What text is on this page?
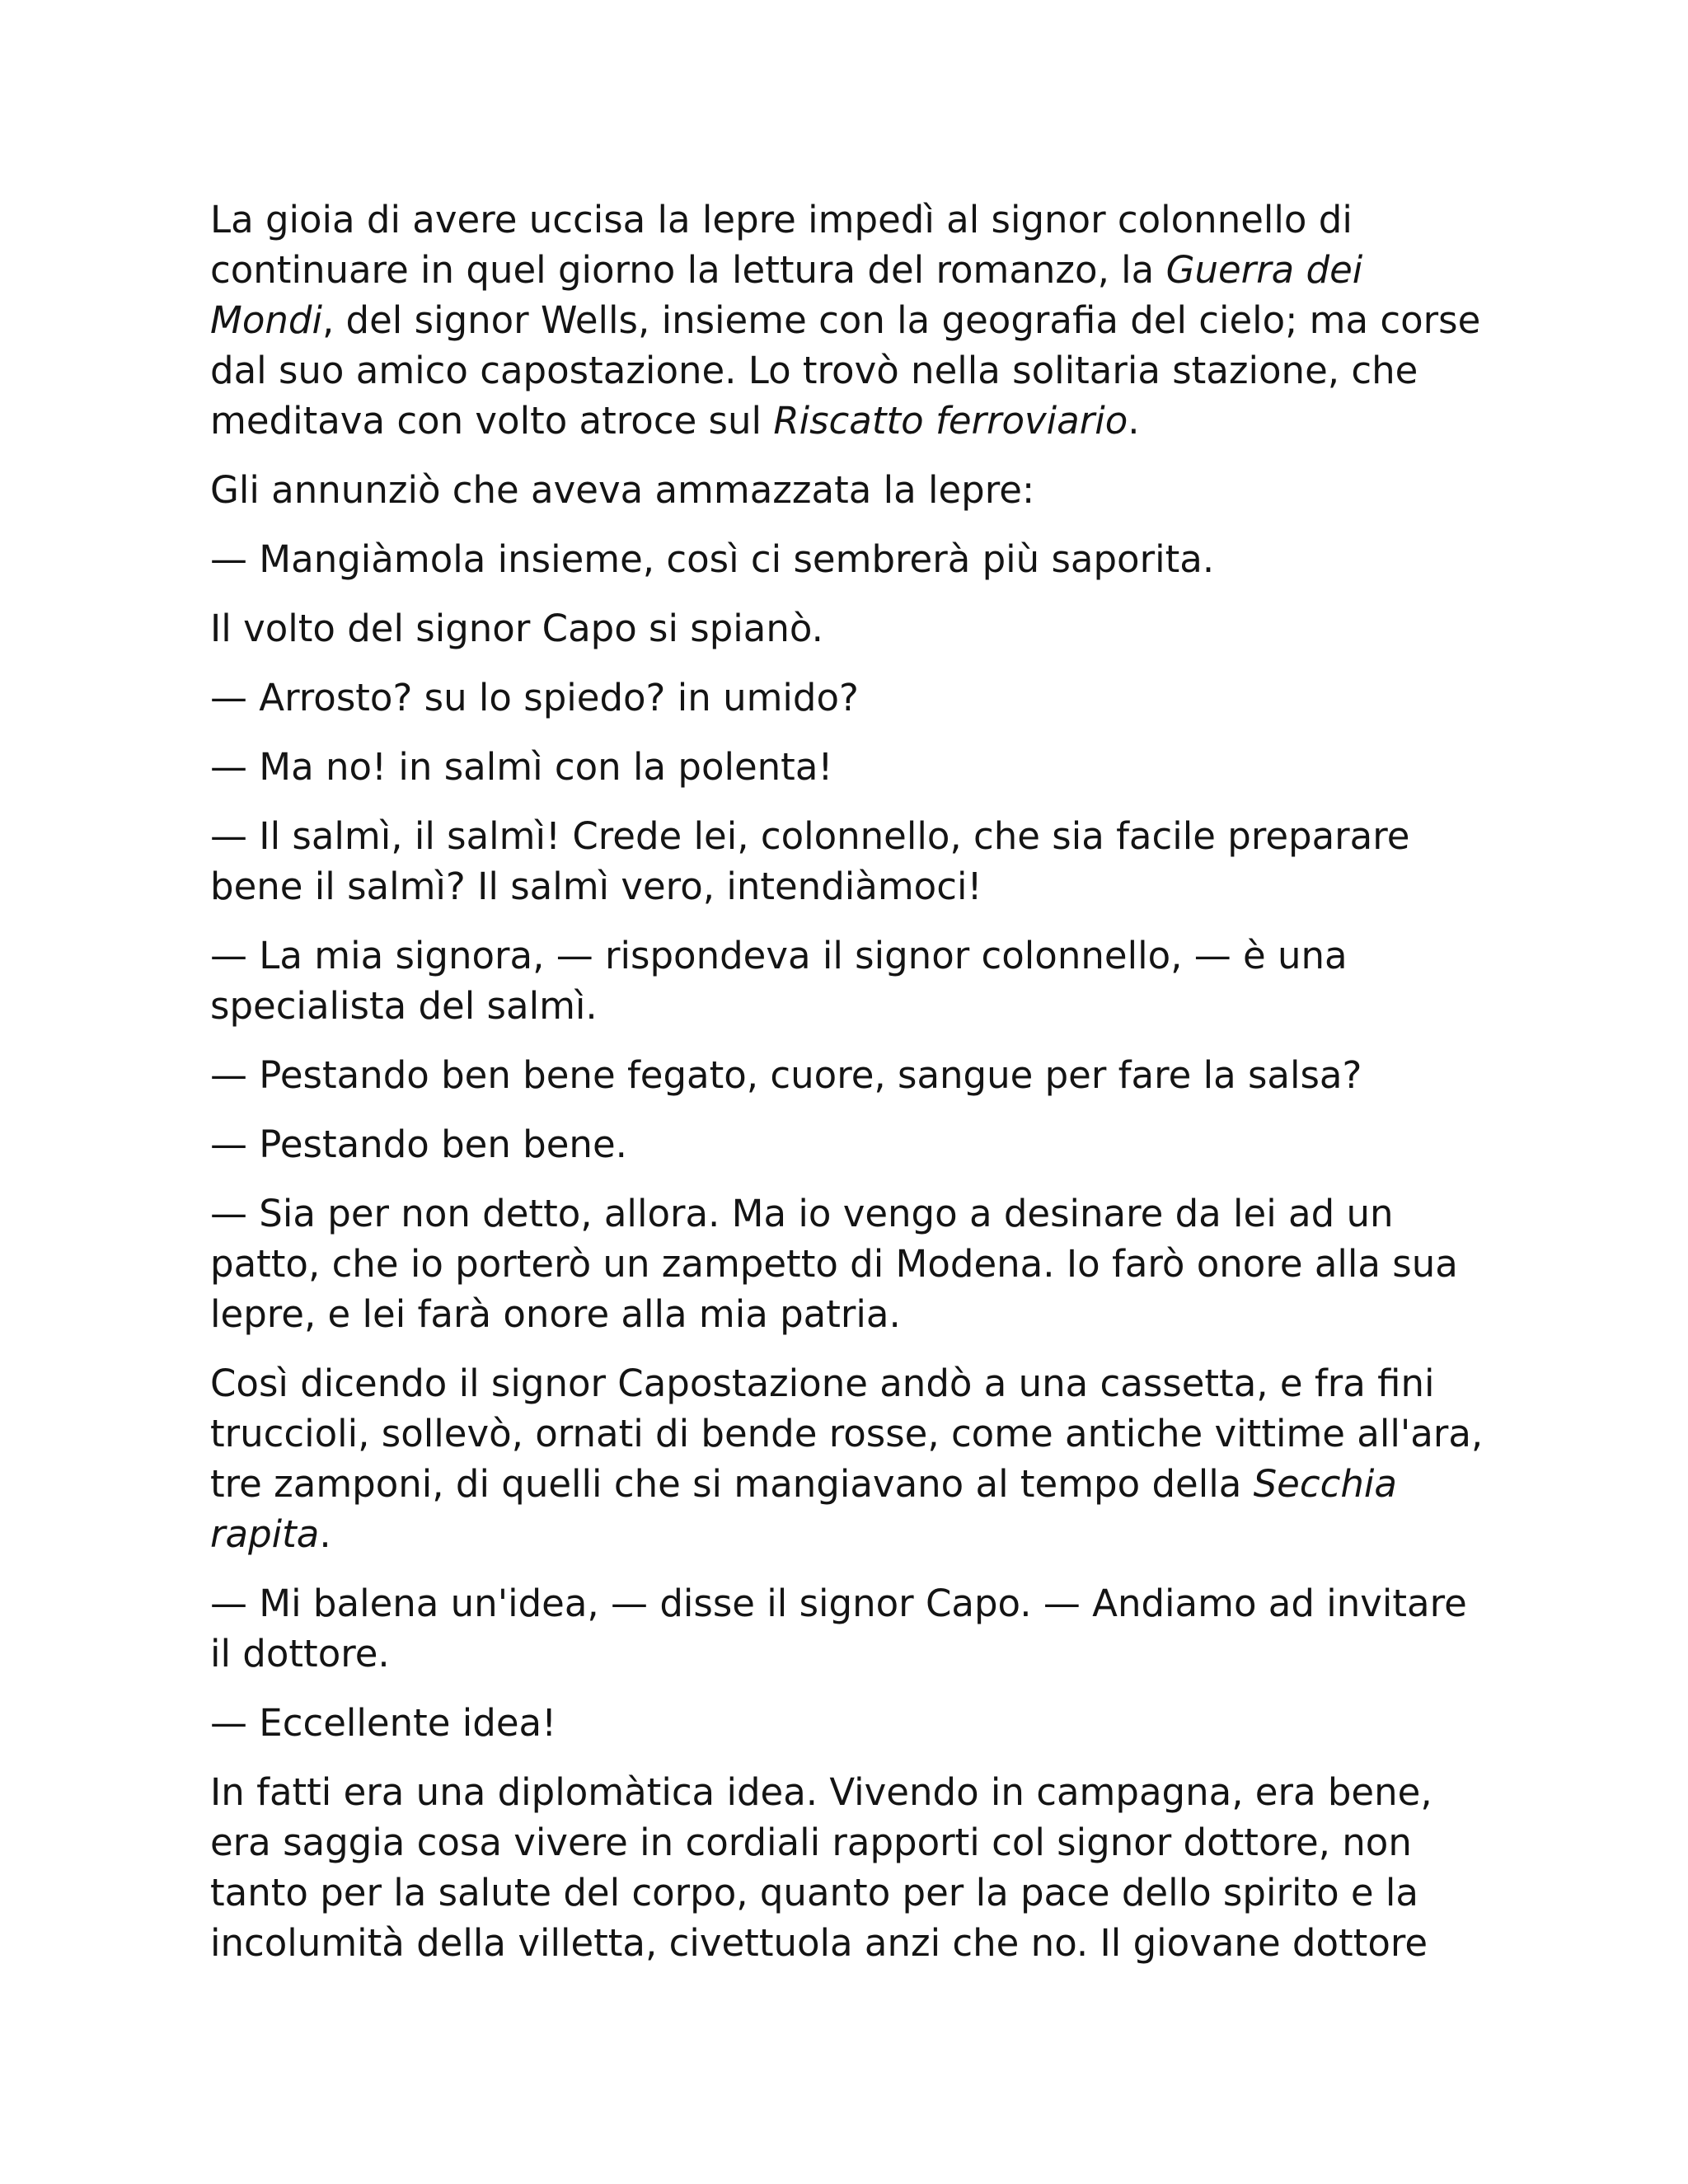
La gioia di avere uccisa la lepre impedì al signor colonnello di continuare in quel giorno la lettura del romanzo, la Guerra dei Mondi, del signor Wells, insieme con la geografia del cielo; ma corse dal suo amico capostazione. Lo trovò nella solitaria stazione, che meditava con volto atroce sul Riscatto ferroviario.

Gli annunziò che aveva ammazzata la lepre:

— Mangiàmola insieme, così ci sembrerà più saporita.

Il volto del signor Capo si spianò.

— Arrosto? su lo spiedo? in umido?

— Ma no! in salmì con la polenta!

— Il salmì, il salmì! Crede lei, colonnello, che sia facile preparare bene il salmì? Il salmì vero, intendiàmoci!

— La mia signora, — rispondeva il signor colonnello, — è una specialista del salmì.

— Pestando ben bene fegato, cuore, sangue per fare la salsa?

— Pestando ben bene.

— Sia per non detto, allora. Ma io vengo a desinare da lei ad un patto, che io porterò un zampetto di Modena. Io farò onore alla sua lepre, e lei farà onore alla mia patria.

Così dicendo il signor Capostazione andò a una cassetta, e fra fini truccioli, sollevò, ornati di bende rosse, come antiche vittime all'ara, tre zamponi, di quelli che si mangiavano al tempo della Secchia rapita.

— Mi balena un'idea, — disse il signor Capo. — Andiamo ad invitare il dottore.

— Eccellente idea!

In fatti era una diplomàtica idea. Vivendo in campagna, era bene, era saggia cosa vivere in cordiali rapporti col signor dottore, non tanto per la salute del corpo, quanto per la pace dello spirito e la incolumità della villetta, civettuola anzi che no. Il giovane dottore
